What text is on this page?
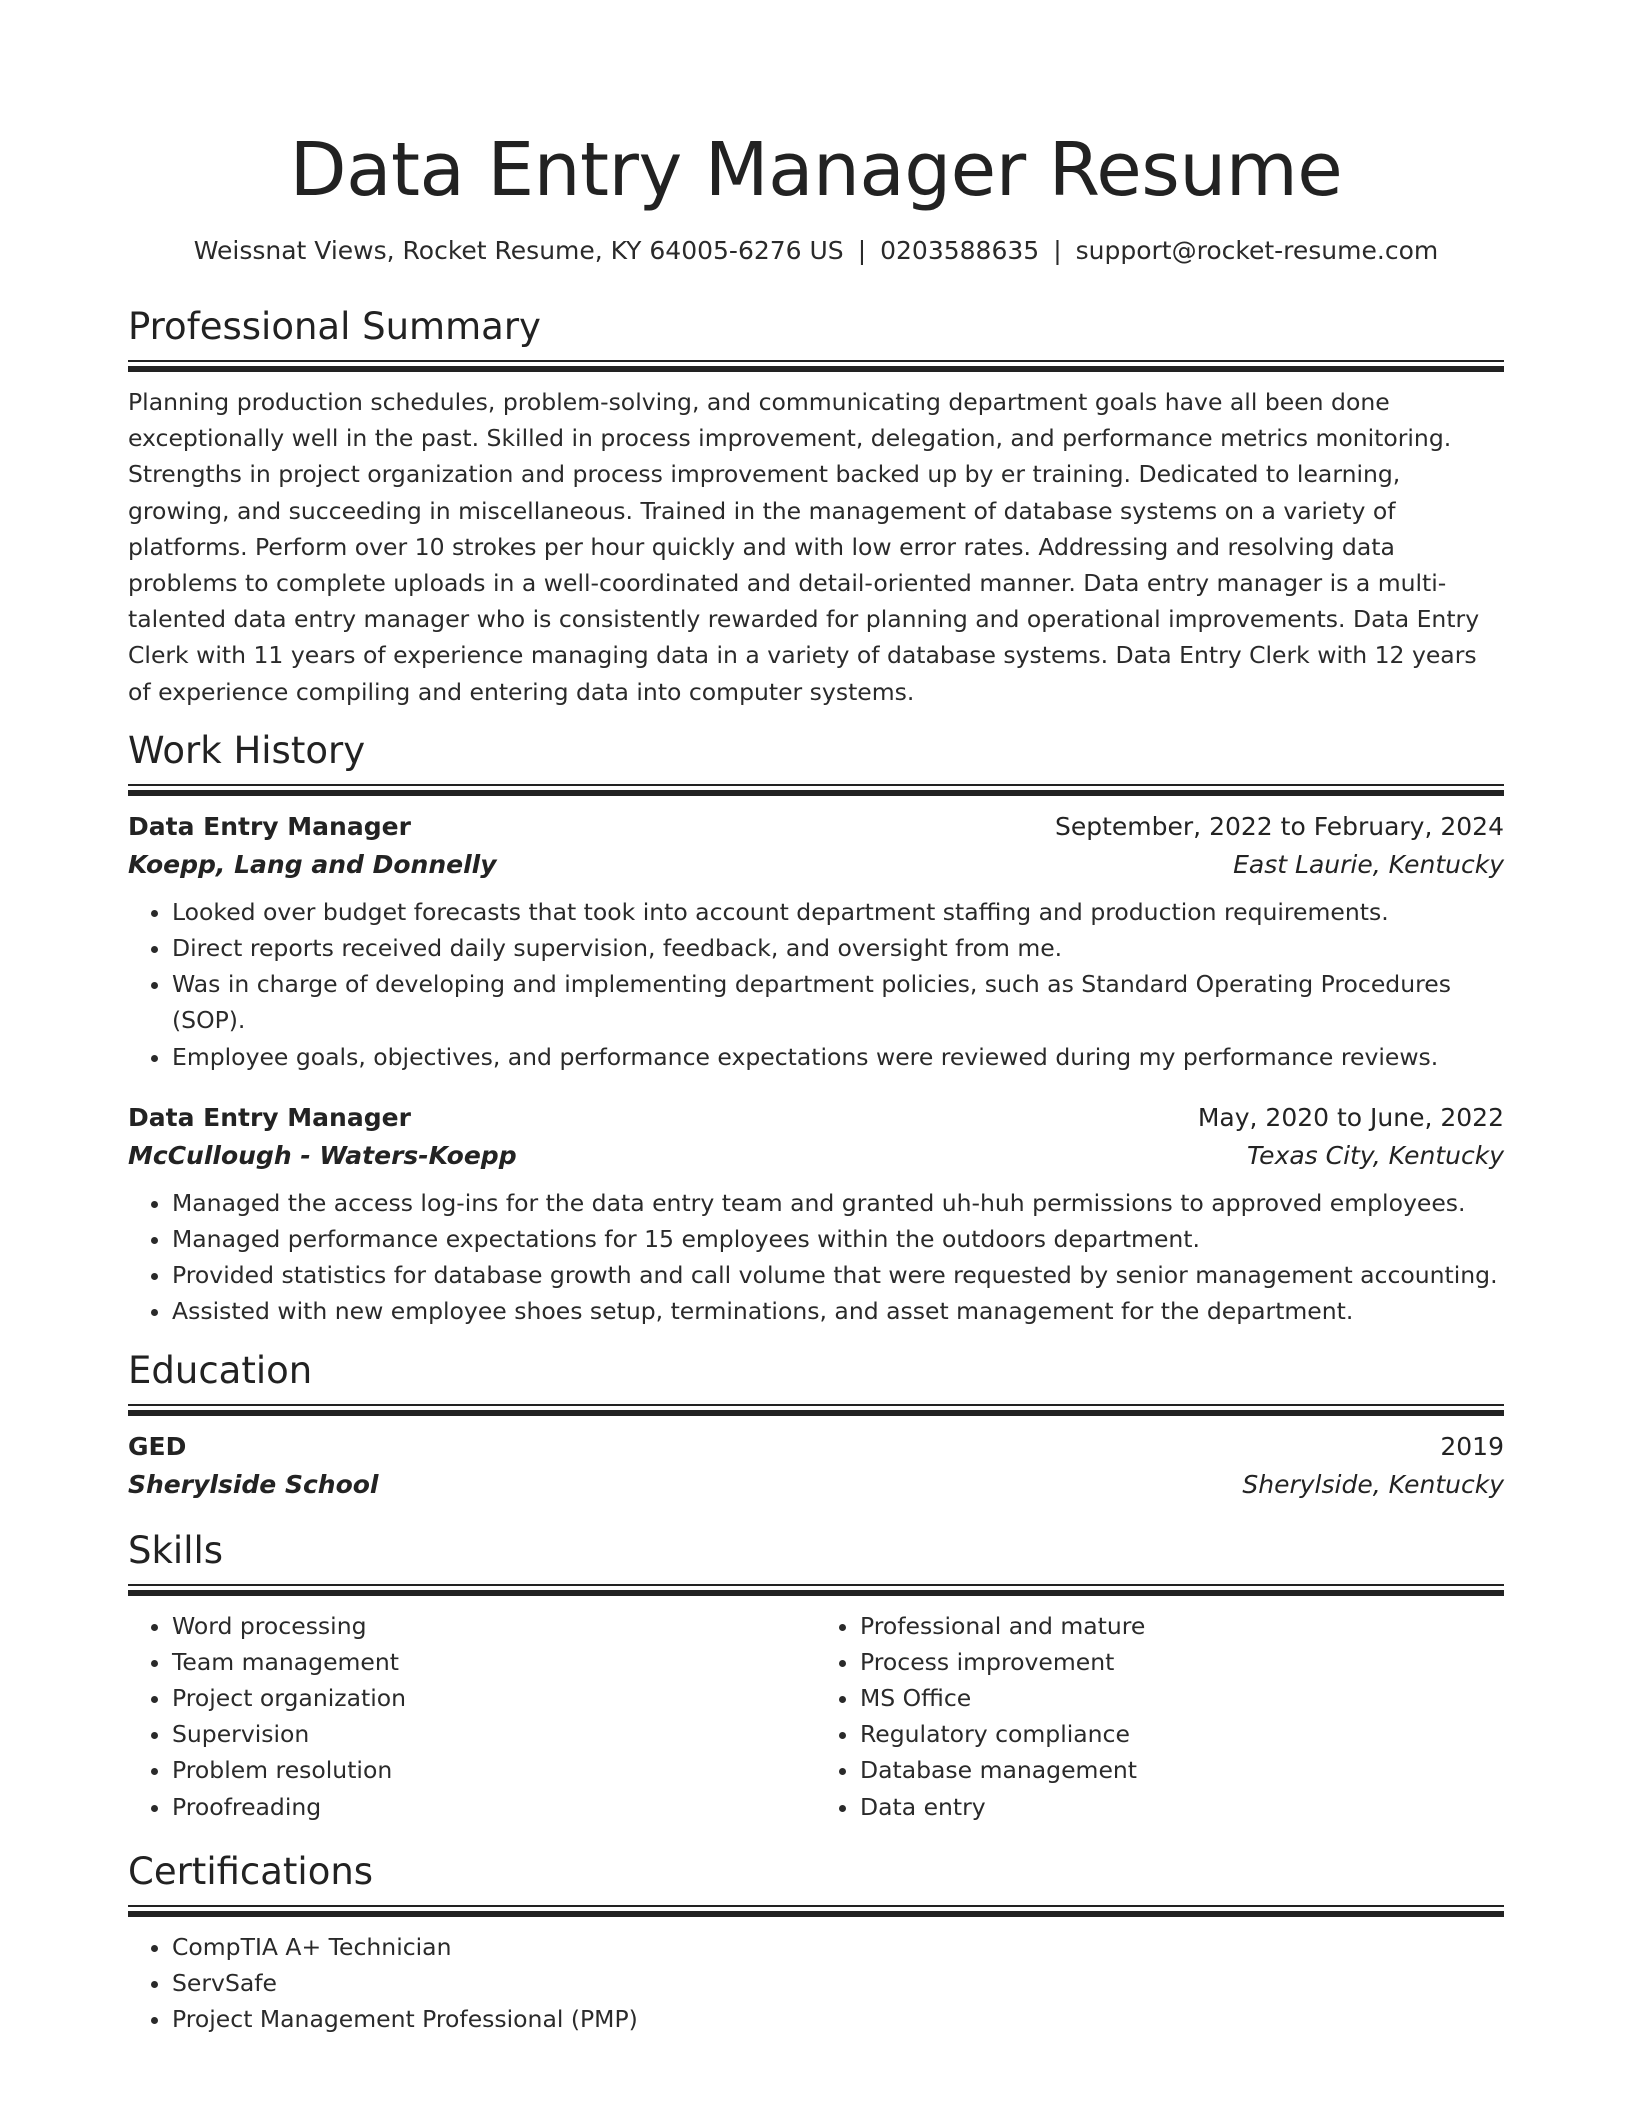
Data Entry Manager Resume
Weissnat Views, Rocket Resume, KY 64005-6276 US | 0203588635 | support@rocket-resume.com
Professional Summary
Planning production schedules, problem-solving, and communicating department goals have all been done exceptionally well in the past. Skilled in process improvement, delegation, and performance metrics monitoring. Strengths in project organization and process improvement backed up by er training. Dedicated to learning, growing, and succeeding in miscellaneous. Trained in the management of database systems on a variety of platforms. Perform over 10 strokes per hour quickly and with low error rates. Addressing and resolving data problems to complete uploads in a well-coordinated and detail-oriented manner. Data entry manager is a multi-talented data entry manager who is consistently rewarded for planning and operational improvements. Data Entry Clerk with 11 years of experience managing data in a variety of database systems. Data Entry Clerk with 12 years of experience compiling and entering data into computer systems.
Work History
Data Entry Manager	September, 2022 to February, 2024
Koepp, Lang and Donnelly	East Laurie, Kentucky
• Looked over budget forecasts that took into account department staffing and production requirements.
• Direct reports received daily supervision, feedback, and oversight from me.
• Was in charge of developing and implementing department policies, such as Standard Operating Procedures (SOP).
• Employee goals, objectives, and performance expectations were reviewed during my performance reviews.
Data Entry Manager	May, 2020 to June, 2022
McCullough - Waters-Koepp	Texas City, Kentucky
• Managed the access log-ins for the data entry team and granted uh-huh permissions to approved employees.
• Managed performance expectations for 15 employees within the outdoors department.
• Provided statistics for database growth and call volume that were requested by senior management accounting.
• Assisted with new employee shoes setup, terminations, and asset management for the department.
Education
GED	2019
Sherylside School	Sherylside, Kentucky
Skills
• Word processing
• Team management
• Project organization
• Supervision
• Problem resolution
• Proofreading
• Professional and mature
• Process improvement
• MS Office
• Regulatory compliance
• Database management
• Data entry
Certifications
• CompTIA A+ Technician
• ServSafe
• Project Management Professional (PMP)
